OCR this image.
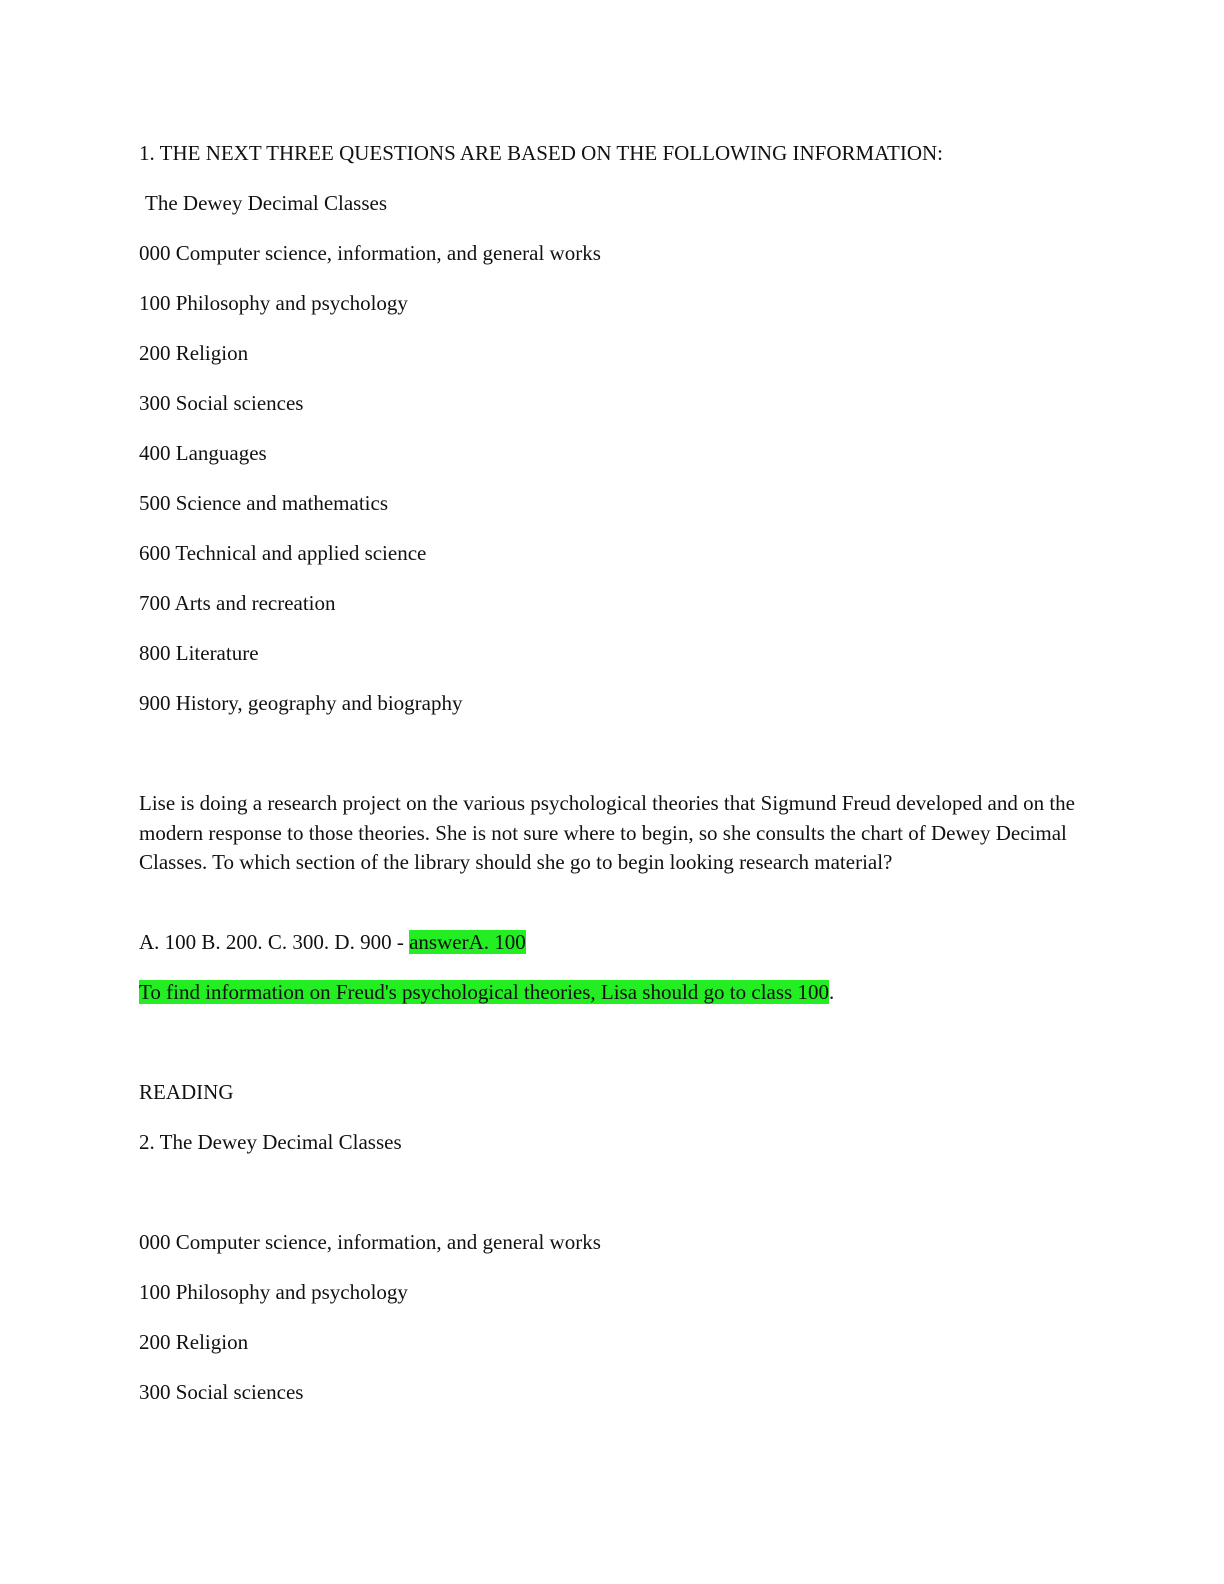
1. THE NEXT THREE QUESTIONS ARE BASED ON THE FOLLOWING INFORMATION:
The Dewey Decimal Classes
000 Computer science, information, and general works
100 Philosophy and psychology
200 Religion
300 Social sciences
400 Languages
500 Science and mathematics
600 Technical and applied science
700 Arts and recreation
800 Literature
900 History, geography and biography
Lise is doing a research project on the various psychological theories that Sigmund Freud developed and on the modern response to those theories. She is not sure where to begin, so she consults the chart of Dewey Decimal Classes. To which section of the library should she go to begin looking research material?
A. 100 B. 200. C. 300. D. 900 - answerA. 100
To find information on Freud's psychological theories, Lisa should go to class 100.
READING
2. The Dewey Decimal Classes
000 Computer science, information, and general works
100 Philosophy and psychology
200 Religion
300 Social sciences
